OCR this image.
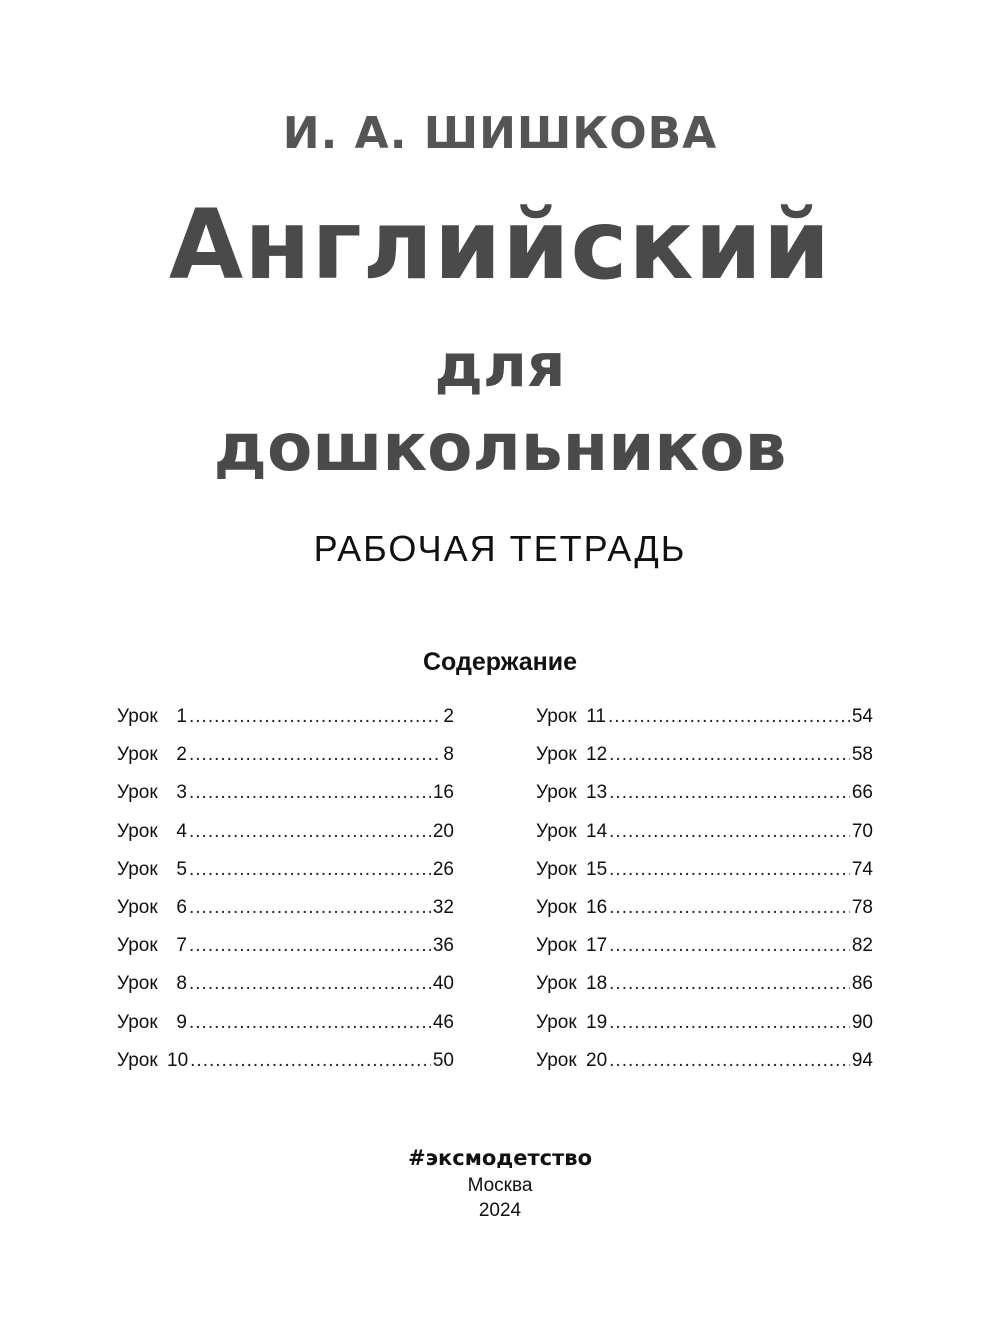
И. А. ШИШКОВА
Английский
для
дошкольников
РАБОЧАЯ ТЕТРАДЬ
Содержание
Урок 1 .....	2
Урок 2 .....	8
Урок 3 .....	16
Урок 4 .....	20
Урок 5 .....	26
Урок 6 .....	32
Урок 7 .....	36
Урок 8 .....	40
Урок 9 .....	46
Урок 10 .....	50
Урок 11 .....	54
Урок 12 .....	58
Урок 13 .....	66
Урок 14 .....	70
Урок 15 .....	74
Урок 16 .....	78
Урок 17 .....	82
Урок 18 .....	86
Урок 19 .....	90
Урок 20 .....	94
#эксмодетство
Москва
2024
